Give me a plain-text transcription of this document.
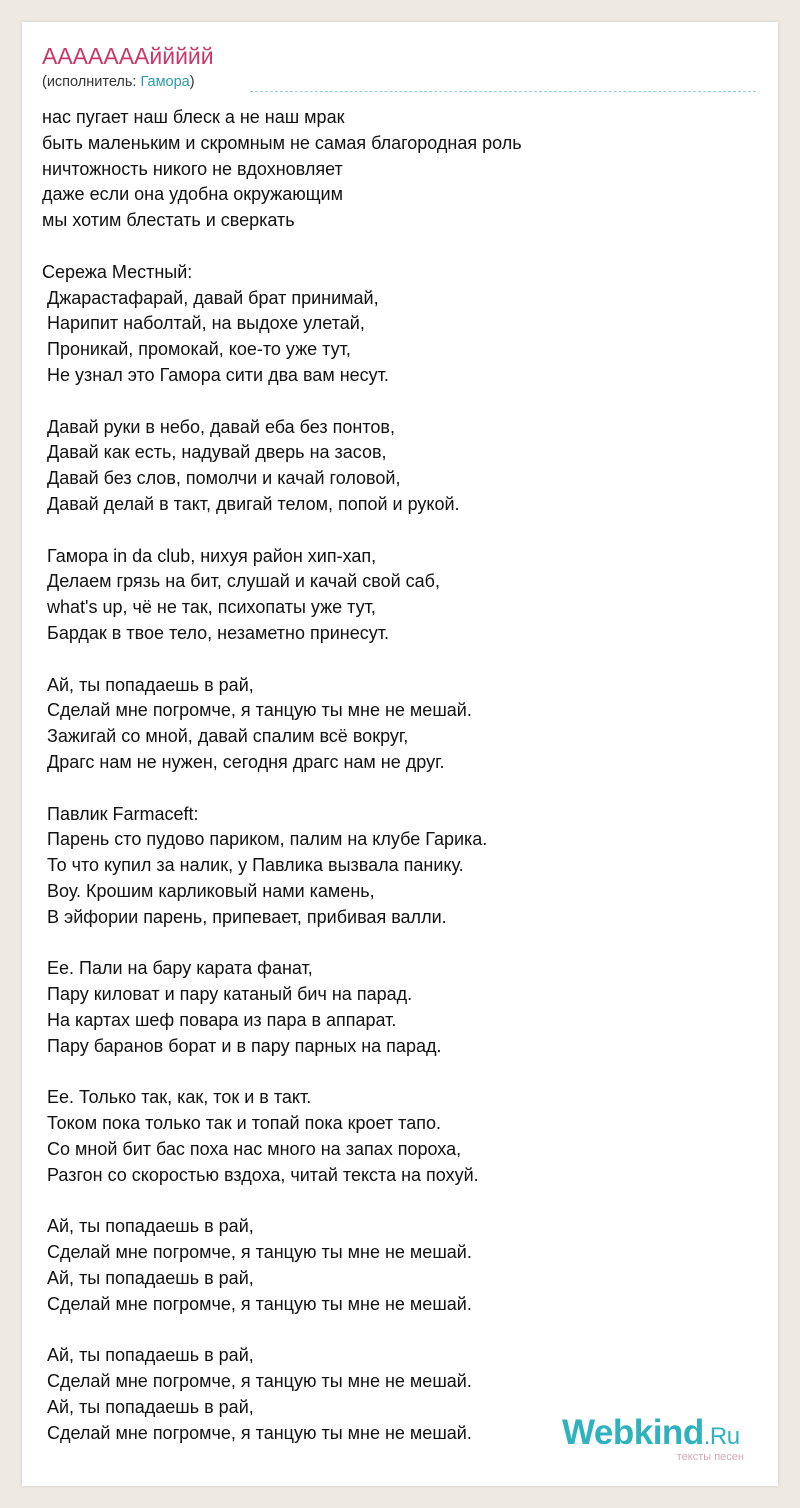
АААААААййййй
(исполнитель: Гамора)
нас пугает наш блеск а не наш мрак
быть маленьким и скромным не самая благородная роль
ничтожность никого не вдохновляет
даже если она удобна окружающим
мы хотим блестать и сверкать
Сережа Местный:
Джарастафарай, давай брат принимай,
Нарипит наболтай, на выдохе улетай,
Проникай, промокай, кое-то уже тут,
Не узнал это Гамора сити два вам несут.
Давай руки в небо, давай еба без понтов,
Давай как есть, надувай дверь на засов,
Давай без слов, помолчи и качай головой,
Давай делай в такт, двигай телом, попой и рукой.
Гамора in da club, нихуя район хип-хап,
Делаем грязь на бит, слушай и качай свой саб,
what's up, чё не так, психопаты уже тут,
Бардак в твое тело, незаметно принесут.
Ай, ты попадаешь в рай,
Сделай мне погромче, я танцую ты мне не мешай.
Зажигай со мной, давай спалим всё вокруг,
Драгс нам не нужен, сегодня драгс нам не друг.
Павлик Farmaceft:
Парень сто пудово париком, палим на клубе Гарика.
То что купил за налик, у Павлика вызвала панику.
Воу. Крошим карликовый нами камень,
В эйфории парень, припевает, прибивая валли.
Ее. Пали на бару карата фанат,
Пару киловат и пару катаный бич на парад.
На картах шеф повара из пара в аппарат.
Пару баранов борат и в пару парных на парад.
Ее. Только так, как, ток и в такт.
Током пока только так и топай пока кроет тапо.
Со мной бит бас поха нас много на запах пороха,
Разгон со скоростью вздоха, читай текста на похуй.
Ай, ты попадаешь в рай,
Сделай мне погромче, я танцую ты мне не мешай.
Ай, ты попадаешь в рай,
Сделай мне погромче, я танцую ты мне не мешай.
Ай, ты попадаешь в рай,
Сделай мне погромче, я танцую ты мне не мешай.
Ай, ты попадаешь в рай,
Сделай мне погромче, я танцую ты мне не мешай.	Webkind.Ru
тексты песен
